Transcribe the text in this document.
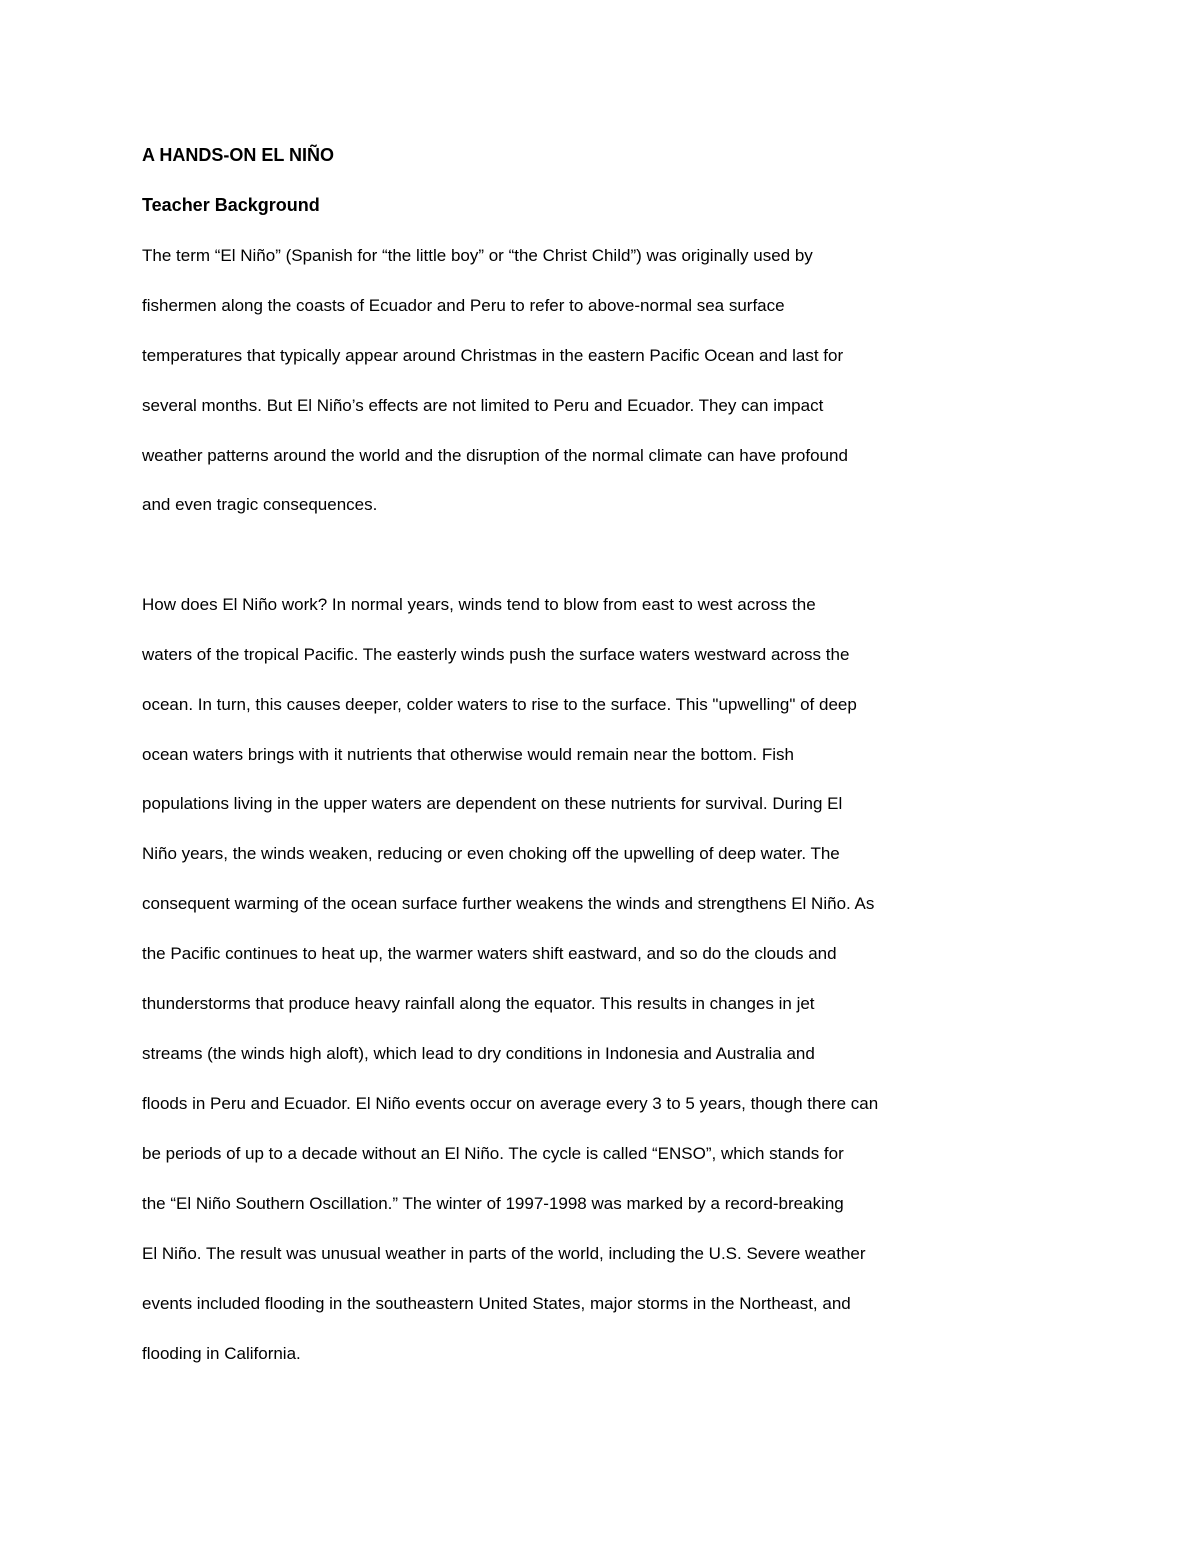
A HANDS-ON EL NIÑO
Teacher Background
The term “El Niño” (Spanish for “the little boy” or “the Christ Child”) was originally used by
fishermen along the coasts of Ecuador and Peru to refer to above-normal sea surface
temperatures that typically appear around Christmas in the eastern Pacific Ocean and last for
several months. But El Niño’s effects are not limited to Peru and Ecuador. They can impact
weather patterns around the world and the disruption of the normal climate can have profound
and even tragic consequences.
How does El Niño work? In normal years, winds tend to blow from east to west across the
waters of the tropical Pacific. The easterly winds push the surface waters westward across the
ocean. In turn, this causes deeper, colder waters to rise to the surface. This "upwelling" of deep
ocean waters brings with it nutrients that otherwise would remain near the bottom. Fish
populations living in the upper waters are dependent on these nutrients for survival. During El
Niño years, the winds weaken, reducing or even choking off the upwelling of deep water. The
consequent warming of the ocean surface further weakens the winds and strengthens El Niño. As
the Pacific continues to heat up, the warmer waters shift eastward, and so do the clouds and
thunderstorms that produce heavy rainfall along the equator. This results in changes in jet
streams (the winds high aloft), which lead to dry conditions in Indonesia and Australia and
floods in Peru and Ecuador. El Niño events occur on average every 3 to 5 years, though there can
be periods of up to a decade without an El Niño. The cycle is called “ENSO”, which stands for
the “El Niño Southern Oscillation.” The winter of 1997-1998 was marked by a record-breaking
El Niño. The result was unusual weather in parts of the world, including the U.S. Severe weather
events included flooding in the southeastern United States, major storms in the Northeast, and
flooding in California.
